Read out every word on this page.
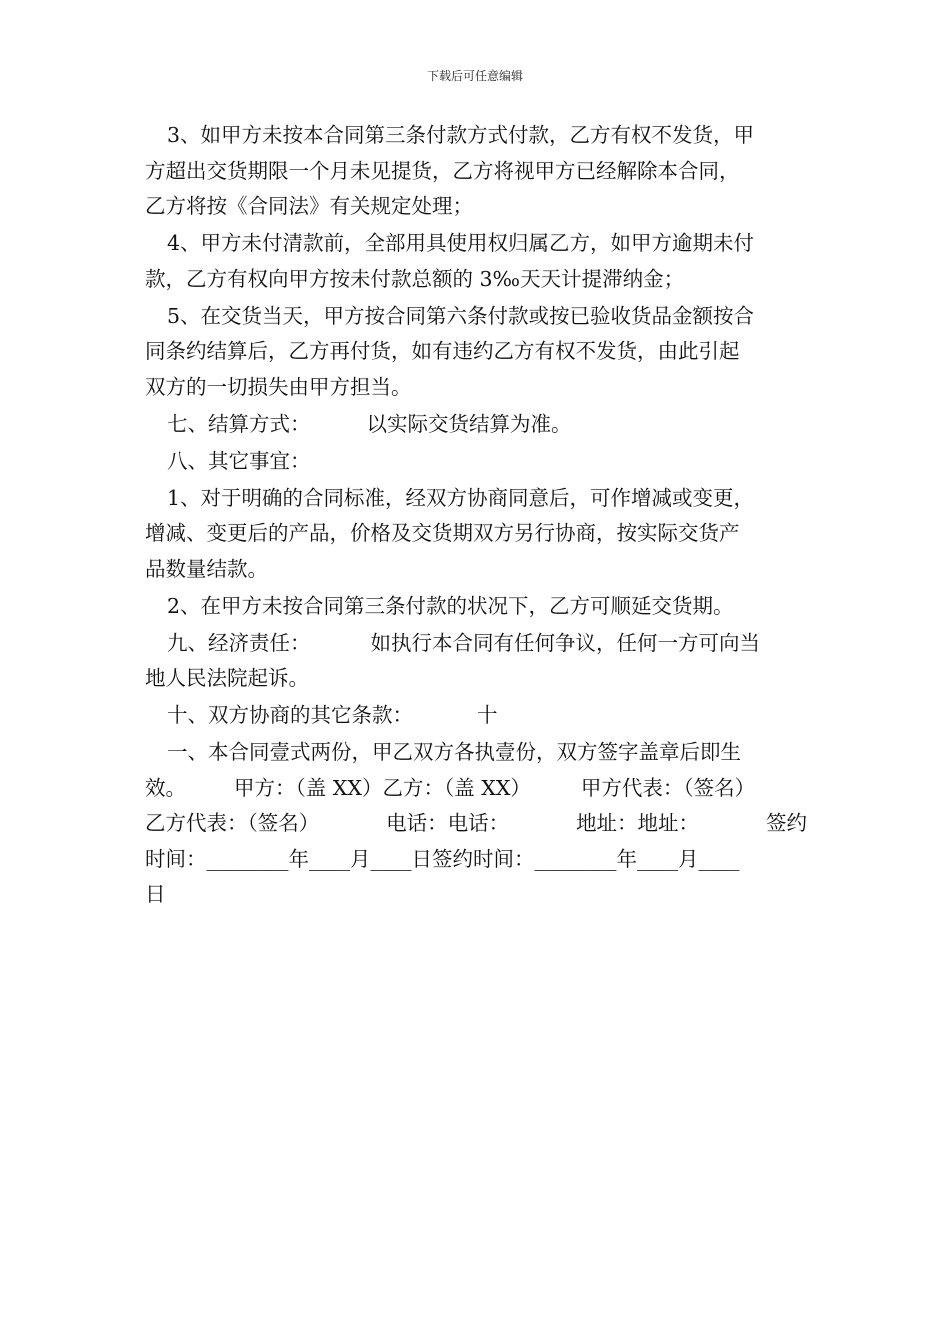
下载后可任意编辑

3、如甲方未按本合同第三条付款方式付款，乙方有权不发货，甲
方超出交货期限一个月未见提货，乙方将视甲方已经解除本合同，
乙方将按《合同法》有关规定处理；

4、甲方未付清款前，全部用具使用权归属乙方，如甲方逾期未付
款，乙方有权向甲方按未付款总额的 3‰天天计提滞纳金；

5、在交货当天，甲方按合同第六条付款或按已验收货品金额按合
同条约结算后，乙方再付货，如有违约乙方有权不发货，由此引起
双方的一切损失由甲方担当。

七、结算方式：	以实际交货结算为准。

八、其它事宜：

1、对于明确的合同标准，经双方协商同意后，可作增减或变更，
增减、变更后的产品，价格及交货期双方另行协商，按实际交货产
品数量结款。

2、在甲方未按合同第三条付款的状况下，乙方可顺延交货期。

九、经济责任：	如执行本合同有任何争议，任何一方可向当
地人民法院起诉。

十、双方协商的其它条款：	十

一、本合同壹式两份，甲乙双方各执壹份，双方签字盖章后即生
效。 甲方：（盖 XX）乙方：（盖 XX） 甲方代表：（签名）
乙方代表：（签名）	电话：电话：	地址：地址：	签约
时间：________年____月____日签约时间：________年____月____
日
